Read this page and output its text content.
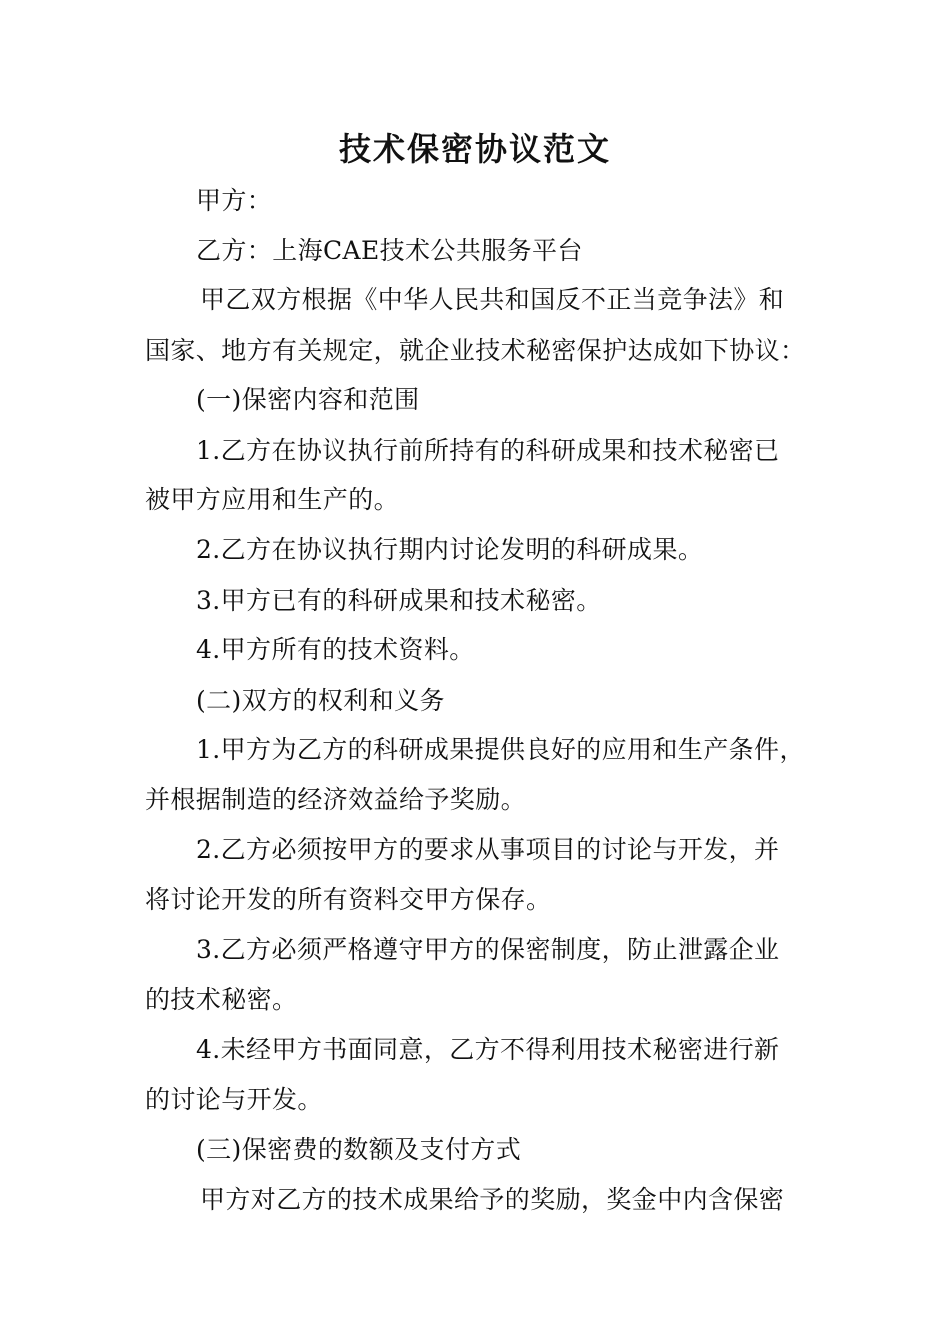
技术保密协议范文
甲方：
乙方：上海CAE技术公共服务平台
甲乙双方根据《中华人民共和国反不正当竞争法》和
国家、地方有关规定，就企业技术秘密保护达成如下协议：
(一)保密内容和范围
1.乙方在协议执行前所持有的科研成果和技术秘密已
被甲方应用和生产的。
2.乙方在协议执行期内讨论发明的科研成果。
3.甲方已有的科研成果和技术秘密。
4.甲方所有的技术资料。
(二)双方的权利和义务
1.甲方为乙方的科研成果提供良好的应用和生产条件，
并根据制造的经济效益给予奖励。
2.乙方必须按甲方的要求从事项目的讨论与开发，并
将讨论开发的所有资料交甲方保存。
3.乙方必须严格遵守甲方的保密制度，防止泄露企业
的技术秘密。
4.未经甲方书面同意，乙方不得利用技术秘密进行新
的讨论与开发。
(三)保密费的数额及支付方式
甲方对乙方的技术成果给予的奖励，奖金中内含保密
